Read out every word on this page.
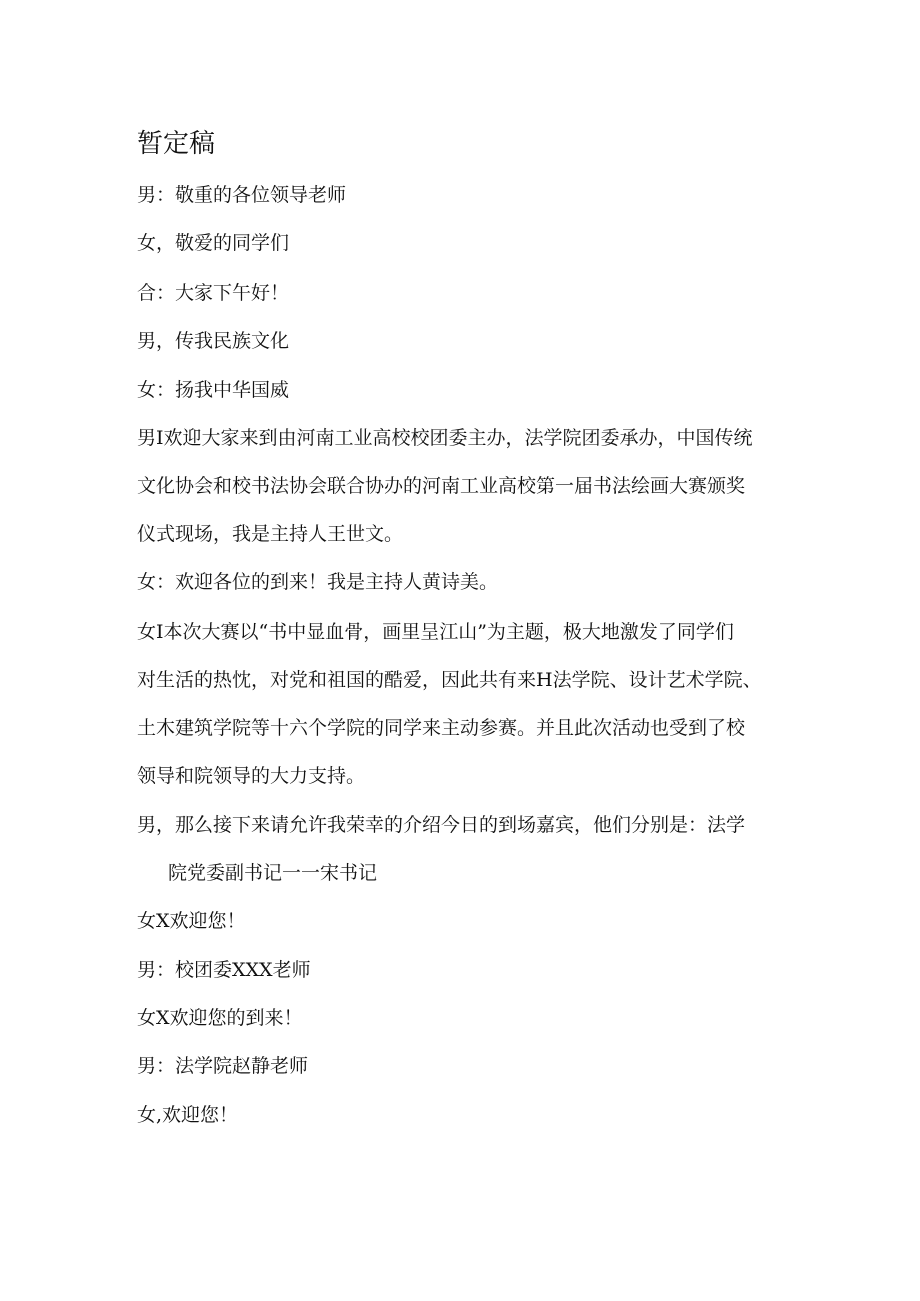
暂定稿

男：敬重的各位领导老师

女，敬爱的同学们

合：大家下午好！

男，传我民族文化

女：扬我中华国威

男I欢迎大家来到由河南工业高校校团委主办，法学院团委承办，中国传统

文化协会和校书法协会联合协办的河南工业高校第一届书法绘画大赛颁奖

仪式现场，我是主持人王世文。

女：欢迎各位的到来！我是主持人黄诗美。

女I本次大赛以“书中显血骨，画里呈江山”为主题，极大地激发了同学们

对生活的热忱，对党和祖国的酷爱，因此共有来H法学院、设计艺术学院、

土木建筑学院等十六个学院的同学来主动参赛。并且此次活动也受到了校

领导和院领导的大力支持。

男，那么接下来请允许我荣幸的介绍今日的到场嘉宾，他们分别是：法学

院党委副书记一一宋书记

女X欢迎您！

男：校团委XXX老师

女X欢迎您的到来！

男：法学院赵静老师

女,欢迎您！
